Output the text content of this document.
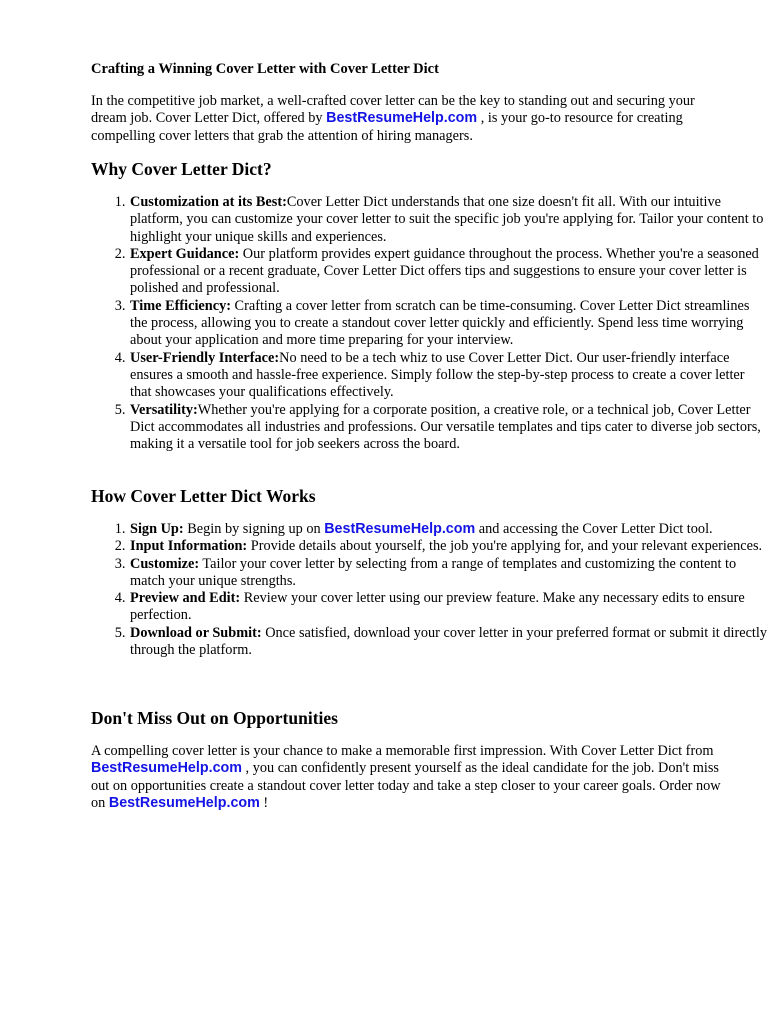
Crafting a Winning Cover Letter with Cover Letter Dict

In the competitive job market, a well-crafted cover letter can be the key to standing out and securing your dream job. Cover Letter Dict, offered by BestResumeHelp.com , is your go-to resource for creating compelling cover letters that grab the attention of hiring managers.

Why Cover Letter Dict?
1. Customization at its Best:Cover Letter Dict understands that one size doesn't fit all. With our intuitive platform, you can customize your cover letter to suit the specific job you're applying for. Tailor your content to highlight your unique skills and experiences.
2. Expert Guidance: Our platform provides expert guidance throughout the process. Whether you're a seasoned professional or a recent graduate, Cover Letter Dict offers tips and suggestions to ensure your cover letter is polished and professional.
3. Time Efficiency: Crafting a cover letter from scratch can be time-consuming. Cover Letter Dict streamlines the process, allowing you to create a standout cover letter quickly and efficiently. Spend less time worrying about your application and more time preparing for your interview.
4. User-Friendly Interface:No need to be a tech whiz to use Cover Letter Dict. Our user-friendly interface ensures a smooth and hassle-free experience. Simply follow the step-by-step process to create a cover letter that showcases your qualifications effectively.
5. Versatility:Whether you're applying for a corporate position, a creative role, or a technical job, Cover Letter Dict accommodates all industries and professions. Our versatile templates and tips cater to diverse job sectors, making it a versatile tool for job seekers across the board.
How Cover Letter Dict Works
1. Sign Up: Begin by signing up on BestResumeHelp.com and accessing the Cover Letter Dict tool.
2. Input Information: Provide details about yourself, the job you're applying for, and your relevant experiences.
3. Customize: Tailor your cover letter by selecting from a range of templates and customizing the content to match your unique strengths.
4. Preview and Edit: Review your cover letter using our preview feature. Make any necessary edits to ensure perfection.
5. Download or Submit: Once satisfied, download your cover letter in your preferred format or submit it directly through the platform.
Don't Miss Out on Opportunities

A compelling cover letter is your chance to make a memorable first impression. With Cover Letter Dict from BestResumeHelp.com , you can confidently present yourself as the ideal candidate for the job. Don't miss out on opportunities create a standout cover letter today and take a step closer to your career goals. Order now on BestResumeHelp.com !
